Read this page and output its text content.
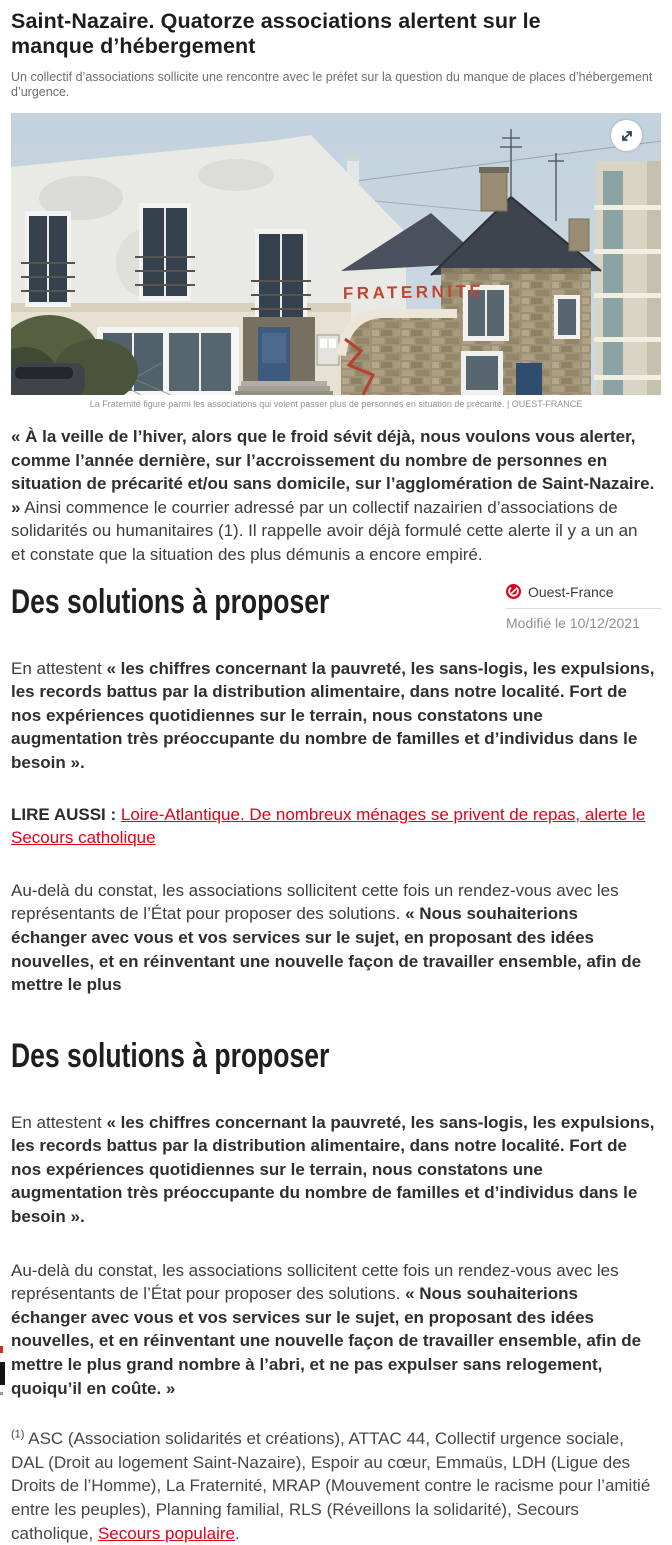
Saint-Nazaire. Quatorze associations alertent sur le manque d’hébergement
Un collectif d’associations sollicite une rencontre avec le préfet sur la question du manque de places d’hébergement d’urgence.
FRATERNITE
La Fraternité figure parmi les associations qui voient passer plus de personnes en situation de précarité. | OUEST-FRANCE

« À la veille de l’hiver, alors que le froid sévit déjà, nous voulons vous alerter, comme l’année dernière, sur l’accroissement du nombre de personnes en situation de précarité et/ou sans domicile, sur l’agglomération de Saint-Nazaire. » Ainsi commence le courrier adressé par un collectif nazairien d’associations de solidarités ou humanitaires (1). Il rappelle avoir déjà formulé cette alerte il y a un an et constate que la situation des plus démunis a encore empiré.

Des solutions à proposer	Ouest-France
Modifié le 10/12/2021

En attestent « les chiffres concernant la pauvreté, les sans-logis, les expulsions, les records battus par la distribution alimentaire, dans notre localité. Fort de nos expériences quotidiennes sur le terrain, nous constatons une augmentation très préoccupante du nombre de familles et d’individus dans le besoin ».

LIRE AUSSI : Loire-Atlantique. De nombreux ménages se privent de repas, alerte le Secours catholique

Au-delà du constat, les associations sollicitent cette fois un rendez-vous avec les représentants de l’État pour proposer des solutions. « Nous souhaiterions échanger avec vous et vos services sur le sujet, en proposant des idées nouvelles, et en réinventant une nouvelle façon de travailler ensemble, afin de mettre le plus

Des solutions à proposer

En attestent « les chiffres concernant la pauvreté, les sans-logis, les expulsions, les records battus par la distribution alimentaire, dans notre localité. Fort de nos expériences quotidiennes sur le terrain, nous constatons une augmentation très préoccupante du nombre de familles et d’individus dans le besoin ».

Au-delà du constat, les associations sollicitent cette fois un rendez-vous avec les représentants de l’État pour proposer des solutions. « Nous souhaiterions échanger avec vous et vos services sur le sujet, en proposant des idées nouvelles, et en réinventant une nouvelle façon de travailler ensemble, afin de mettre le plus grand nombre à l’abri, et ne pas expulser sans relogement, quoiqu’il en coûte. »

$^{(1)}$ ASC (Association solidarités et créations), ATTAC 44, Collectif urgence sociale, DAL (Droit au logement Saint-Nazaire), Espoir au cœur, Emmaüs, LDH (Ligue des Droits de l’Homme), La Fraternité, MRAP (Mouvement contre le racisme pour l’amitié entre les peuples), Planning familial, RLS (Réveillons la solidarité), Secours catholique, Secours populaire.
